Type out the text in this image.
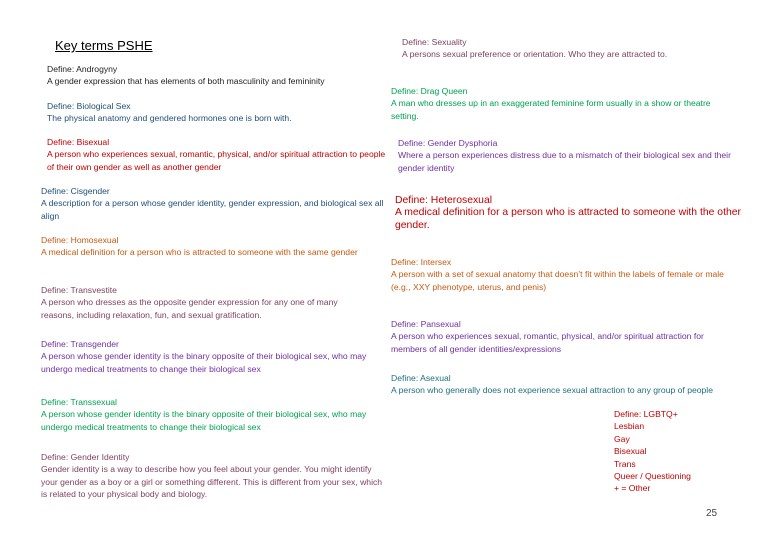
Key terms PSHE
Define: Androgyny
A gender expression that has elements of both masculinity and femininity
Define: Biological Sex
The physical anatomy and gendered hormones one is born with.
Define: Bisexual
A person who experiences sexual, romantic, physical, and/or spiritual attraction to people of their own gender as well as another gender
Define: Cisgender
A description for a person whose gender identity, gender expression, and biological sex all align
Define: Homosexual
A medical definition for a person who is attracted to someone with the same gender
Define: Transvestite
A person who dresses as the opposite gender expression for any one of many reasons, including relaxation, fun, and sexual gratification.
Define: Transgender
A person whose gender identity is the binary opposite of their biological sex, who may undergo medical treatments to change their biological sex
Define: Transsexual
A person whose gender identity is the binary opposite of their biological sex, who may undergo medical treatments to change their biological sex
Define: Gender Identity
Gender identity is a way to describe how you feel about your gender. You might identify your gender as a boy or a girl or something different. This is different from your sex, which is related to your physical body and biology.
Define: Sexuality
A persons sexual preference or orientation. Who they are attracted to.
Define: Drag Queen
A man who dresses up in an exaggerated feminine form usually in a show or theatre setting.
Define: Gender Dysphoria
Where a person experiences distress due to a mismatch of their biological sex and their gender identity
Define: Heterosexual
A medical definition for a person who is attracted to someone with the other gender.
Define: Intersex
A person with a set of sexual anatomy that doesn’t fit within the labels of female or male (e.g., XXY phenotype, uterus, and penis)
Define: Pansexual
A person who experiences sexual, romantic, physical, and/or spiritual attraction for members of all gender identities/expressions
Define: Asexual
A person who generally does not experience sexual attraction to any group of people
Define: LGBTQ+
Lesbian
Gay
Bisexual
Trans
Queer / Questioning
+ = Other
25
